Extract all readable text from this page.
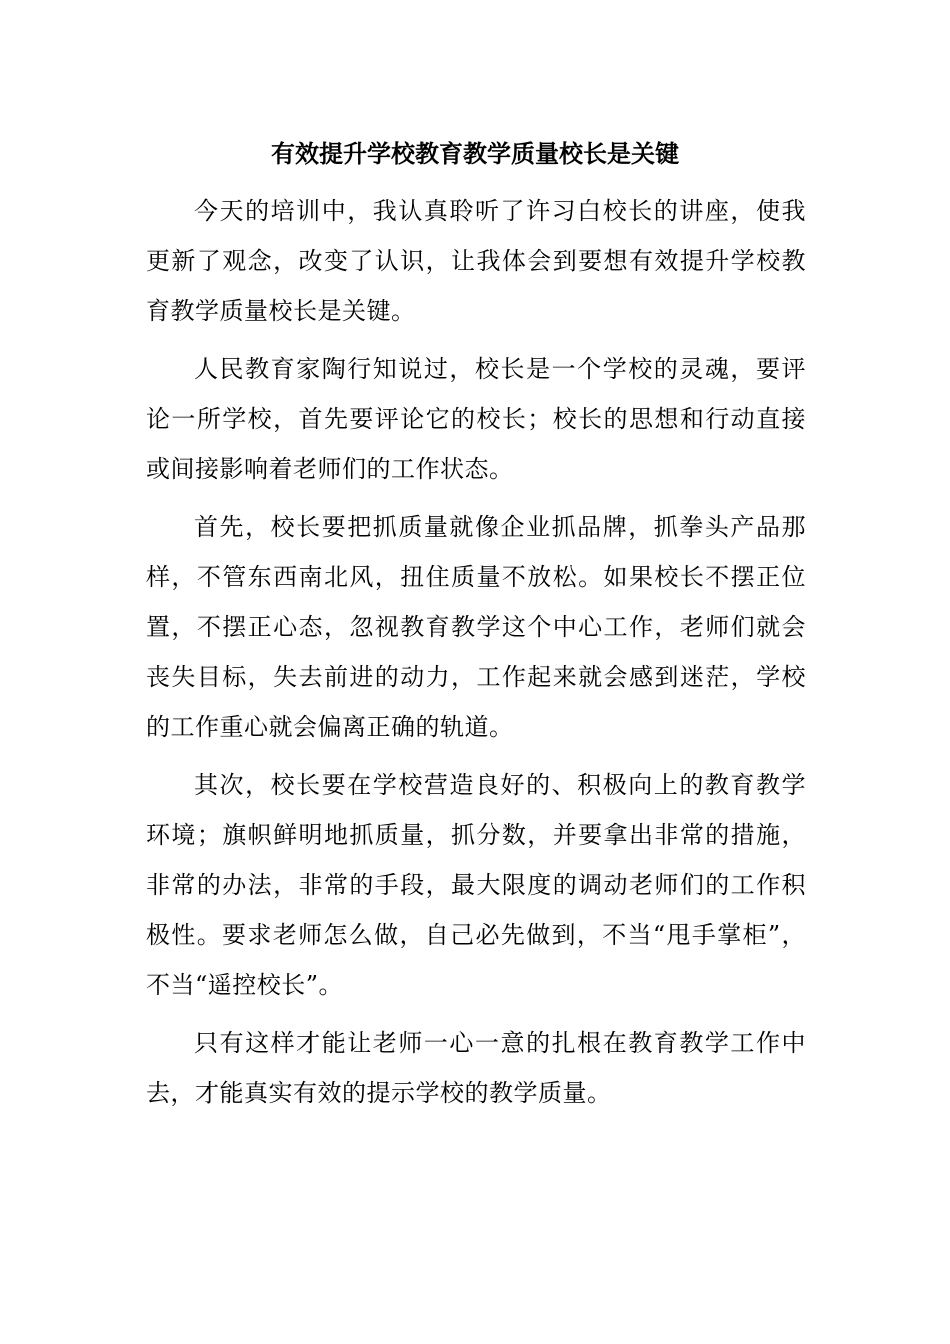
有效提升学校教育教学质量校长是关键

今天的培训中，我认真聆听了许习白校长的讲座，使我更新了观念，改变了认识，让我体会到要想有效提升学校教育教学质量校长是关键。

人民教育家陶行知说过，校长是一个学校的灵魂，要评论一所学校，首先要评论它的校长；校长的思想和行动直接或间接影响着老师们的工作状态。

首先，校长要把抓质量就像企业抓品牌，抓拳头产品那样，不管东西南北风，扭住质量不放松。如果校长不摆正位置，不摆正心态，忽视教育教学这个中心工作，老师们就会丧失目标，失去前进的动力，工作起来就会感到迷茫，学校的工作重心就会偏离正确的轨道。

其次，校长要在学校营造良好的、积极向上的教育教学环境；旗帜鲜明地抓质量，抓分数，并要拿出非常的措施，非常的办法，非常的手段，最大限度的调动老师们的工作积极性。要求老师怎么做，自己必先做到，不当“甩手掌柜”，不当“遥控校长”。

只有这样才能让老师一心一意的扎根在教育教学工作中去，才能真实有效的提示学校的教学质量。
